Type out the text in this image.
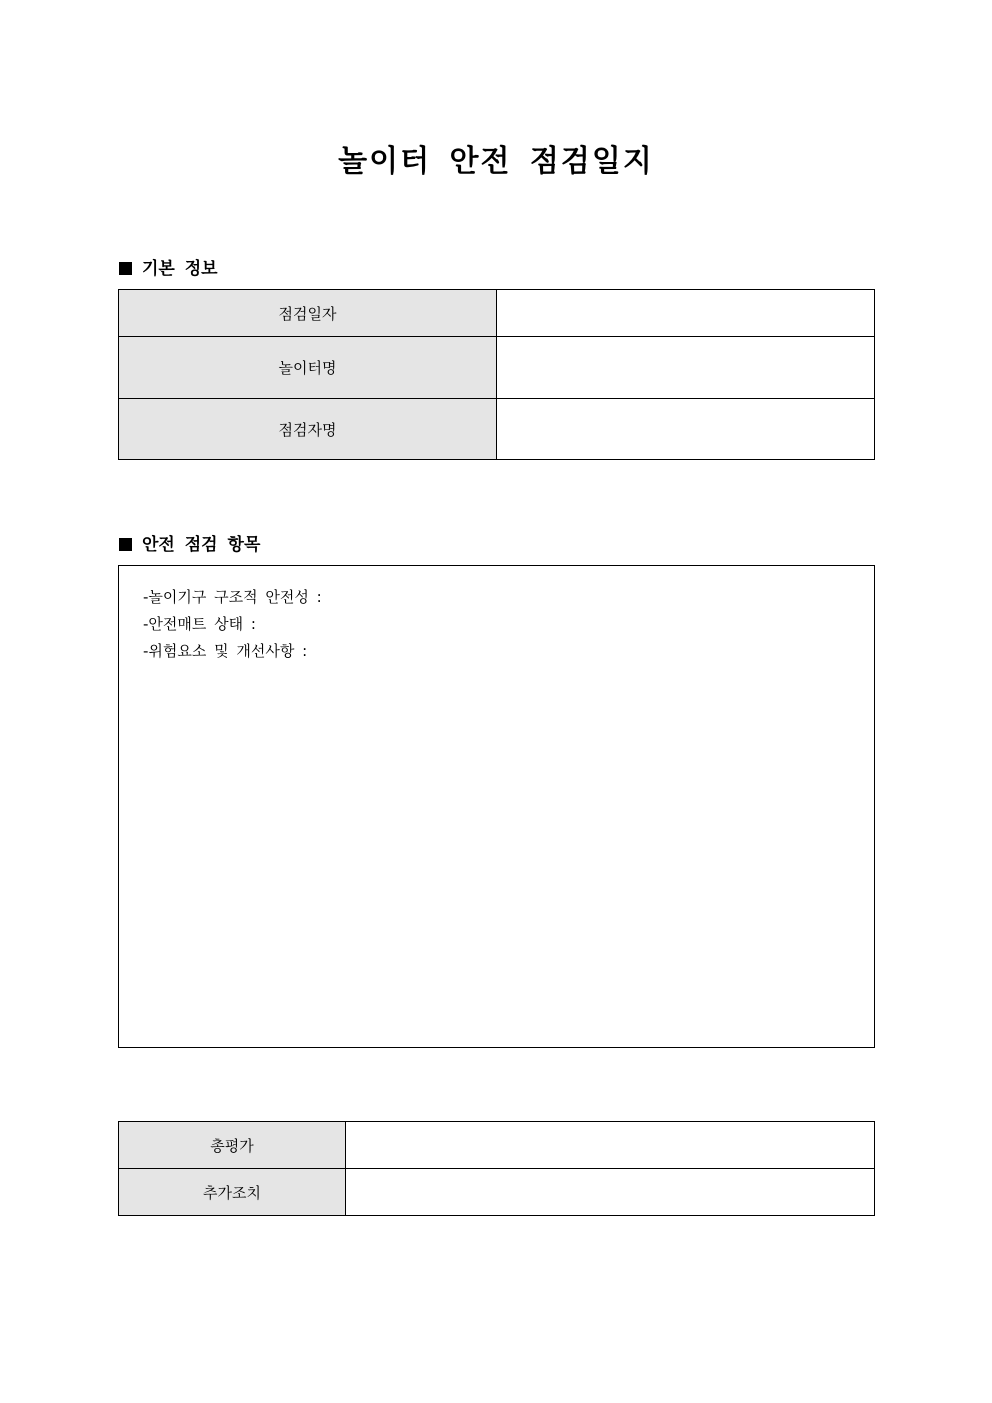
놀이터 안전 점검일지
기본 정보
점검일자	
놀이터명	
점검자명	
안전 점검 항목
-놀이기구 구조적 안전성 :
-안전매트 상태 :
-위험요소 및 개선사항 :
총평가	
추가조치	
